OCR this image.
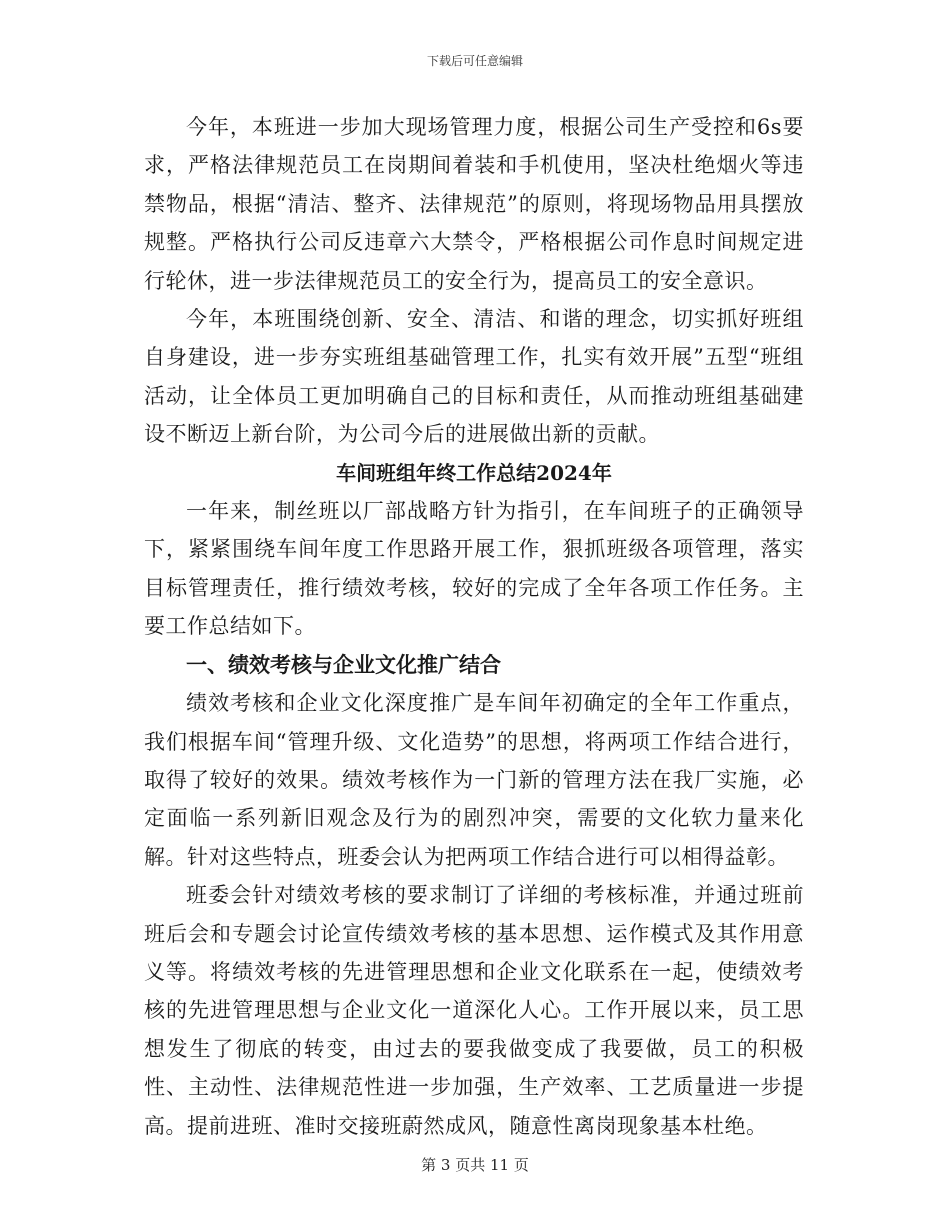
下载后可任意编辑

今年，本班进一步加大现场管理力度，根据公司生产受控和6s要求，严格法律规范员工在岗期间着装和手机使用，坚决杜绝烟火等违禁物品，根据“清洁、整齐、法律规范”的原则，将现场物品用具摆放规整。严格执行公司反违章六大禁令，严格根据公司作息时间规定进行轮休，进一步法律规范员工的安全行为，提高员工的安全意识。

今年，本班围绕创新、安全、清洁、和谐的理念，切实抓好班组自身建设，进一步夯实班组基础管理工作，扎实有效开展”五型“班组活动，让全体员工更加明确自己的目标和责任，从而推动班组基础建设不断迈上新台阶，为公司今后的进展做出新的贡献。

车间班组年终工作总结2024年

一年来，制丝班以厂部战略方针为指引，在车间班子的正确领导下，紧紧围绕车间年度工作思路开展工作，狠抓班级各项管理，落实目标管理责任，推行绩效考核，较好的完成了全年各项工作任务。主要工作总结如下。

一、绩效考核与企业文化推广结合

绩效考核和企业文化深度推广是车间年初确定的全年工作重点，我们根据车间“管理升级、文化造势”的思想，将两项工作结合进行，取得了较好的效果。绩效考核作为一门新的管理方法在我厂实施，必定面临一系列新旧观念及行为的剧烈冲突，需要的文化软力量来化解。针对这些特点，班委会认为把两项工作结合进行可以相得益彰。

班委会针对绩效考核的要求制订了详细的考核标准，并通过班前班后会和专题会讨论宣传绩效考核的基本思想、运作模式及其作用意义等。将绩效考核的先进管理思想和企业文化联系在一起，使绩效考核的先进管理思想与企业文化一道深化人心。工作开展以来，员工思想发生了彻底的转变，由过去的要我做变成了我要做，员工的积极性、主动性、法律规范性进一步加强，生产效率、工艺质量进一步提高。提前进班、准时交接班蔚然成风，随意性离岗现象基本杜绝。

第 3 页共 11 页
